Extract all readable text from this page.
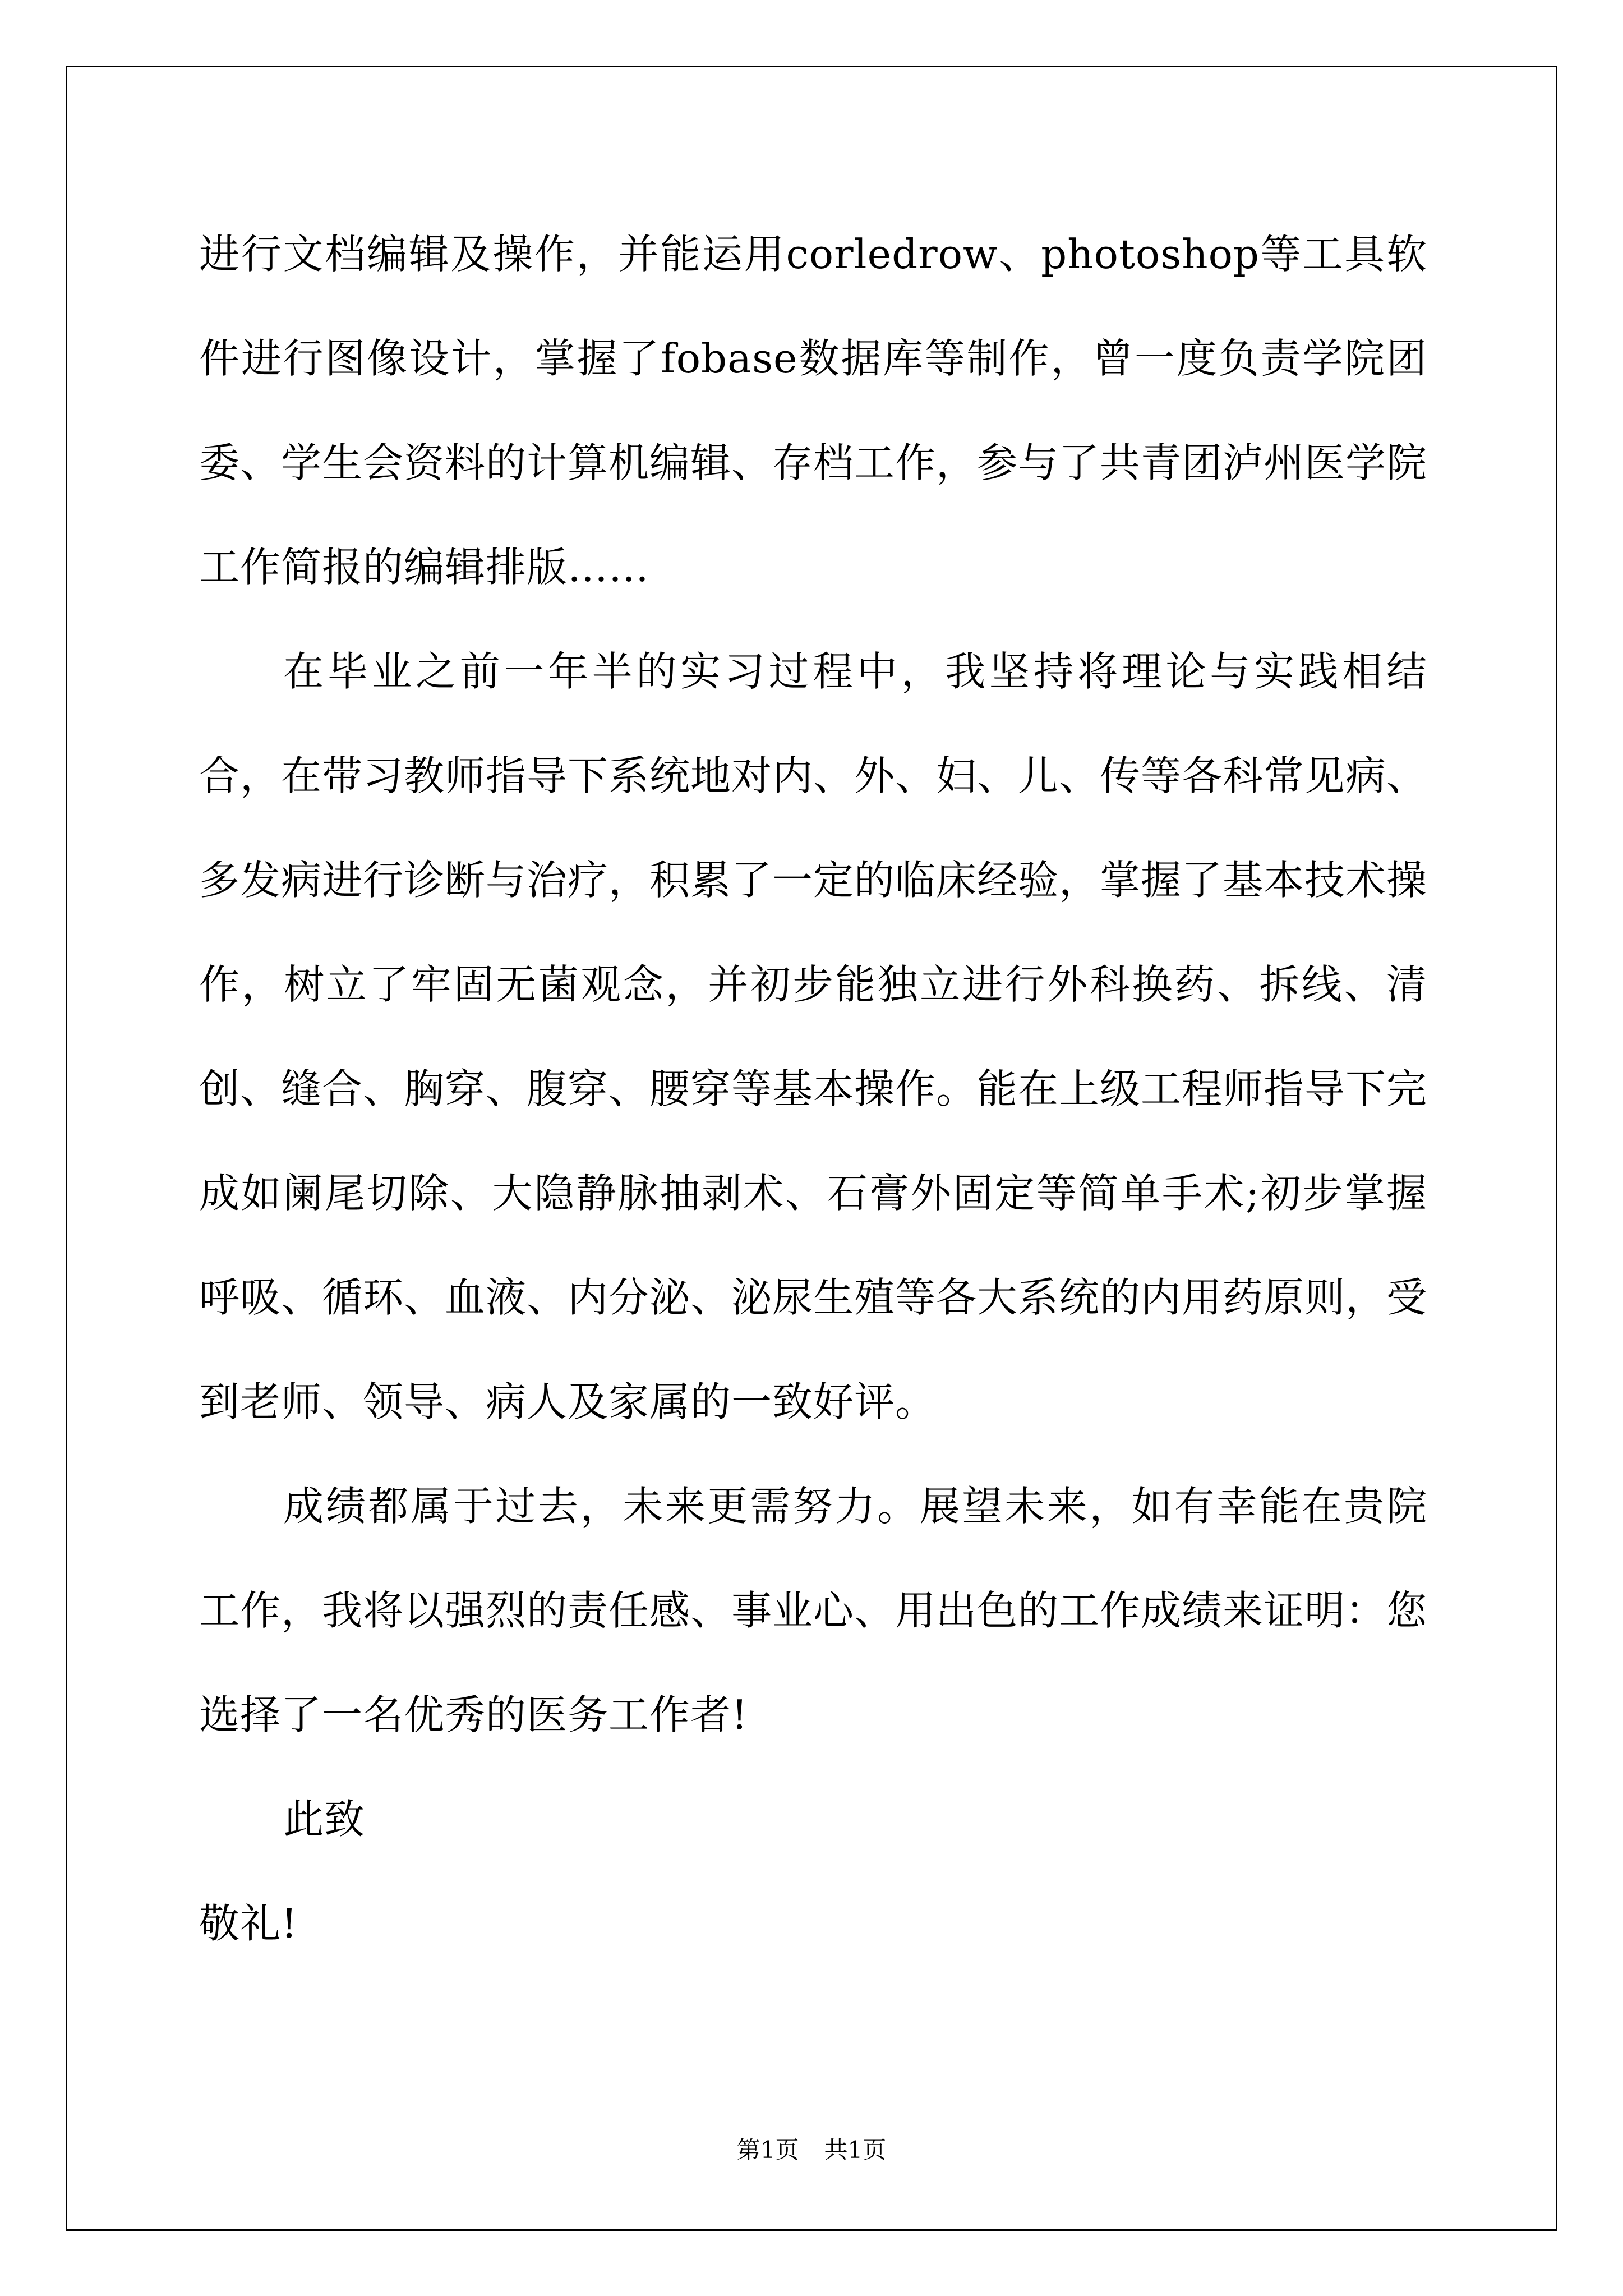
进行文档编辑及操作，并能运用corledrow、photoshop等工具软件进行图像设计，掌握了fobase数据库等制作，曾一度负责学院团委、学生会资料的计算机编辑、存档工作，参与了共青团泸州医学院工作简报的编辑排版……

在毕业之前一年半的实习过程中，我坚持将理论与实践相结合，在带习教师指导下系统地对内、外、妇、儿、传等各科常见病、多发病进行诊断与治疗，积累了一定的临床经验，掌握了基本技术操作，树立了牢固无菌观念，并初步能独立进行外科换药、拆线、清创、缝合、胸穿、腹穿、腰穿等基本操作。能在上级工程师指导下完成如阑尾切除、大隐静脉抽剥术、石膏外固定等简单手术;初步掌握呼吸、循环、血液、内分泌、泌尿生殖等各大系统的内用药原则，受到老师、领导、病人及家属的一致好评。

成绩都属于过去，未来更需努力。展望未来，如有幸能在贵院工作，我将以强烈的责任感、事业心、用出色的工作成绩来证明：您选择了一名优秀的医务工作者!

此致

敬礼!

第1页 共1页
